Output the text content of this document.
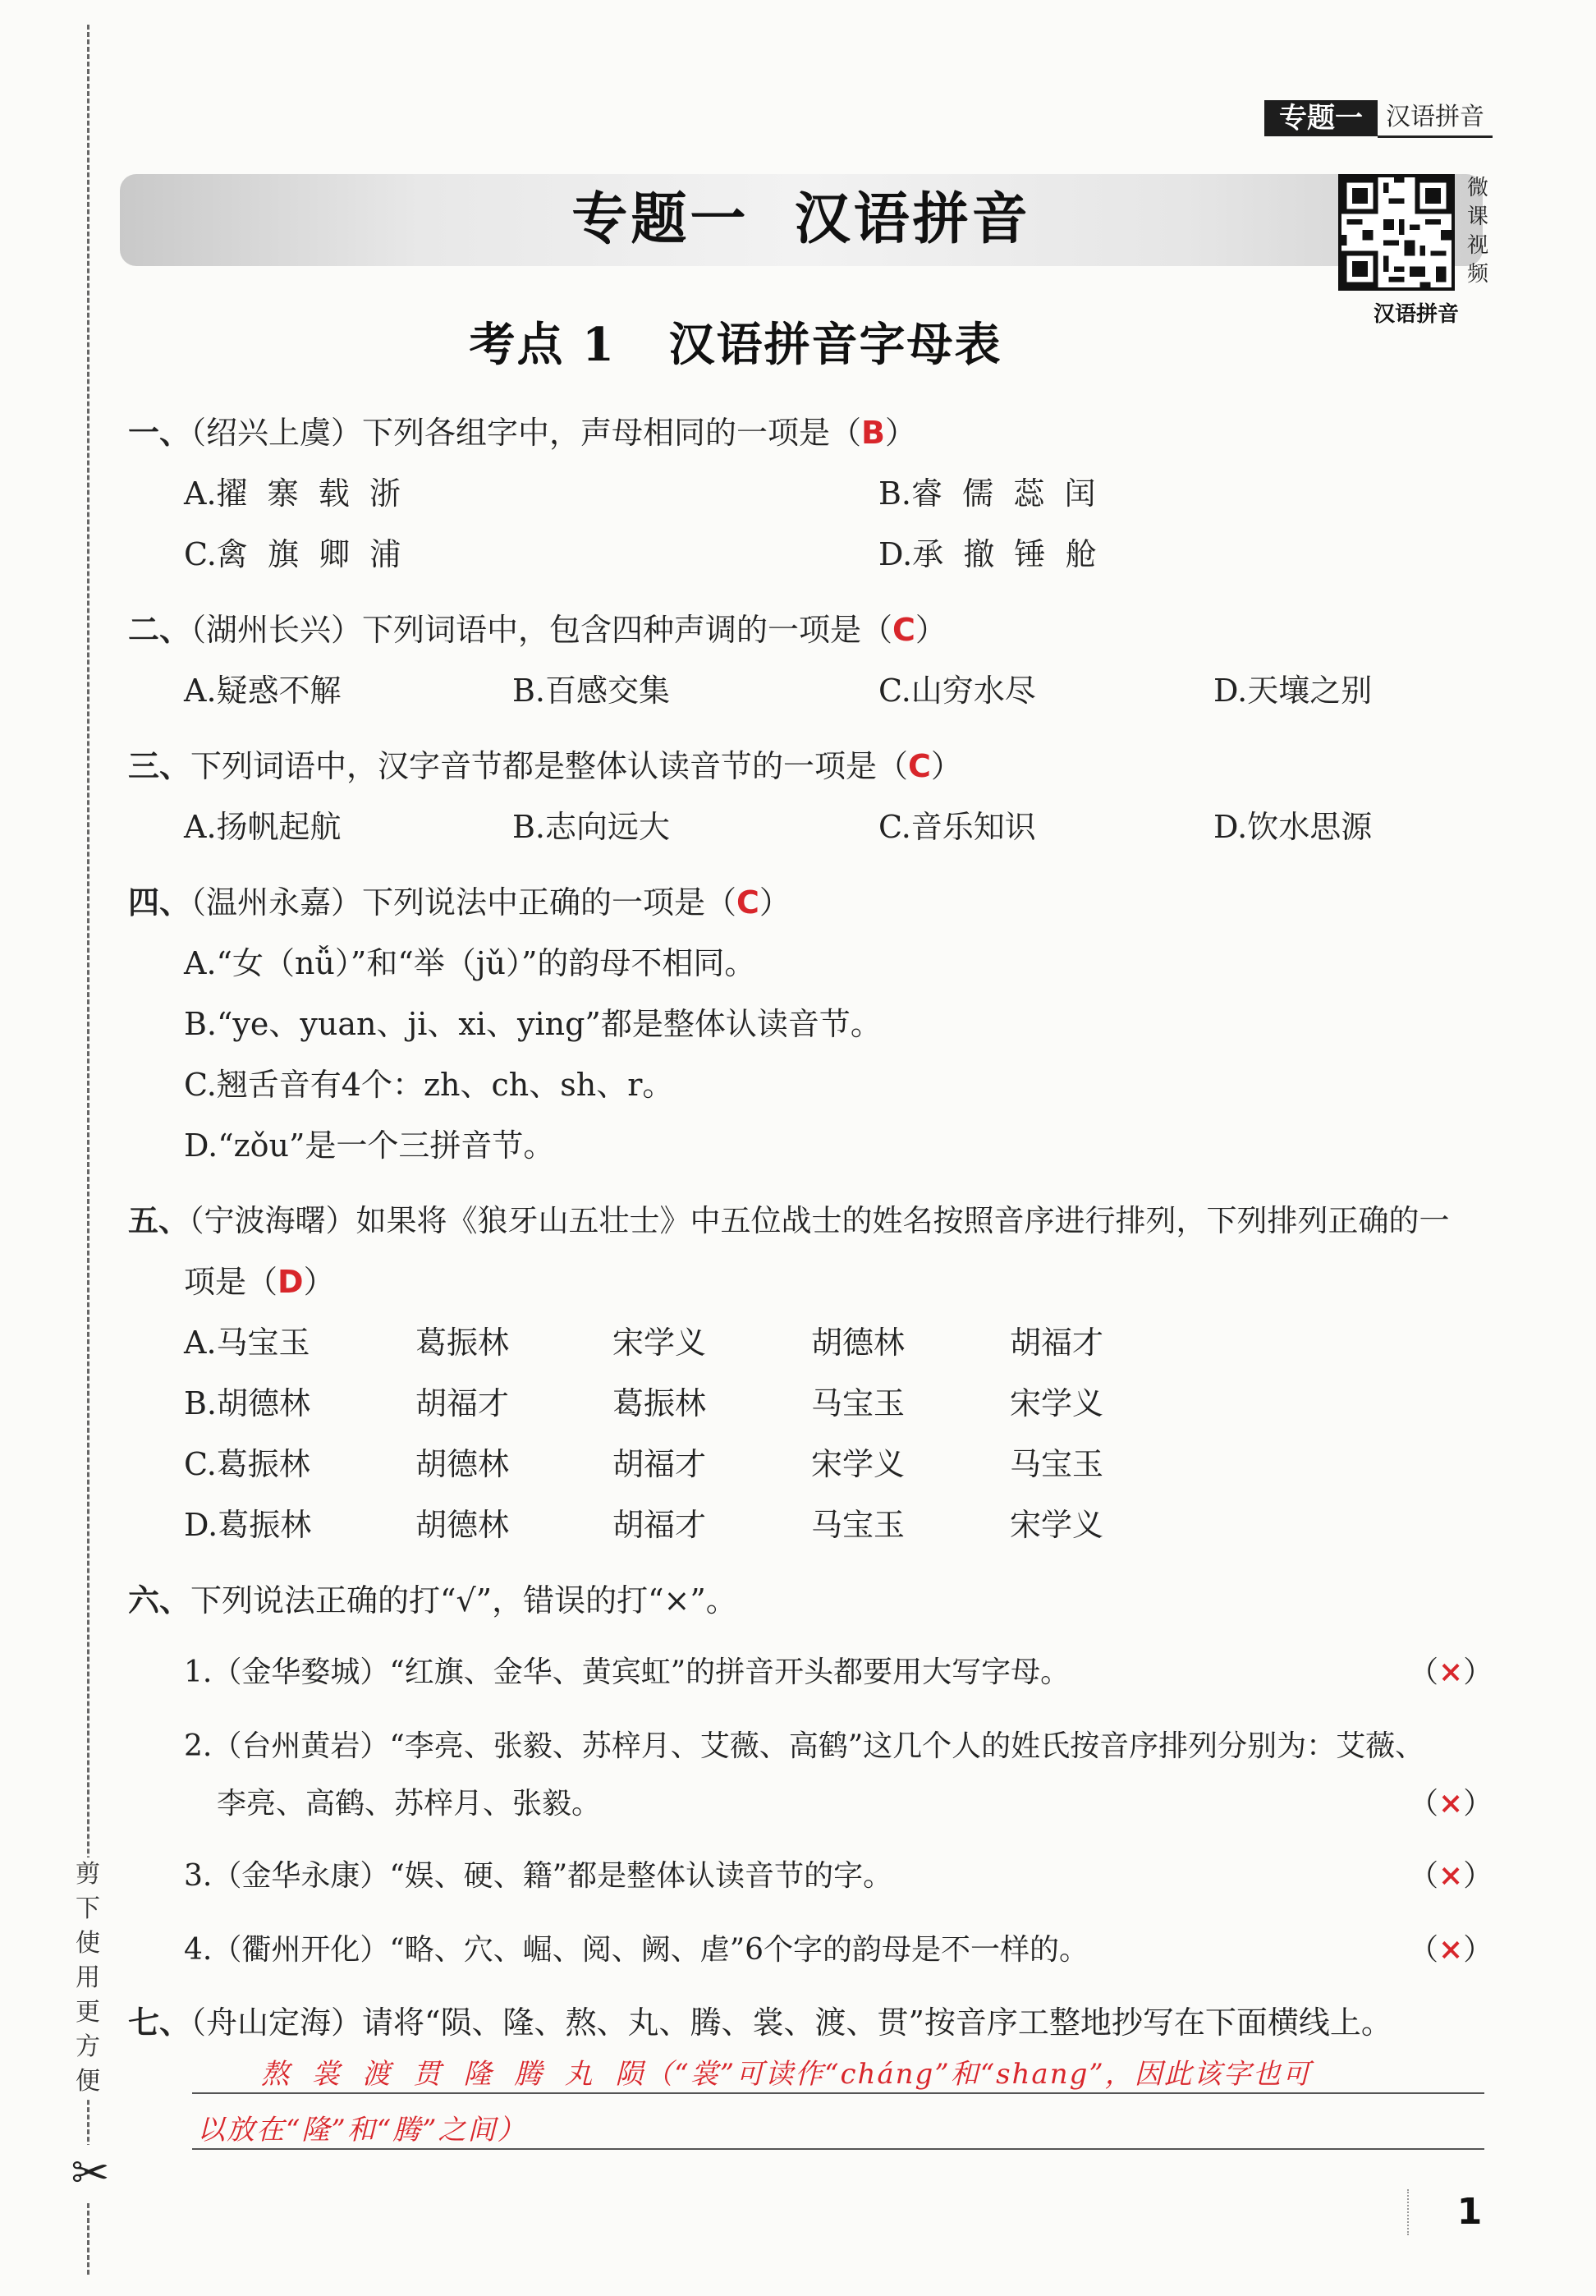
剪
下
使
用
更
方
便
✂
专题一 汉语拼音
专题一  汉语拼音	微
课
视
频
汉语拼音
考点 1   汉语拼音字母表
一、（绍兴上虞）下列各组字中，声母相同的一项是（B）
A.擢  寨  载  浙	B.睿  儒  蕊  闰
C.禽  旗  卿  浦	D.承  撤  锤  舱
二、（湖州长兴）下列词语中，包含四种声调的一项是（C）
A.疑惑不解	B.百感交集	C.山穷水尽	D.天壤之别
三、下列词语中，汉字音节都是整体认读音节的一项是（C）
A.扬帆起航	B.志向远大	C.音乐知识	D.饮水思源
四、（温州永嘉）下列说法中正确的一项是（C）
A.“女（nǚ）”和“举（jǔ）”的韵母不相同。
B.“ye、yuan、ji、xi、ying”都是整体认读音节。
C.翘舌音有4个：zh、ch、sh、r。
D.“zǒu”是一个三拼音节。
五、（宁波海曙）如果将《狼牙山五壮士》中五位战士的姓名按照音序进行排列，下列排列正确的一
项是（D）
A.马宝玉	葛振林	宋学义	胡德林	胡福才
B.胡德林	胡福才	葛振林	马宝玉	宋学义
C.葛振林	胡德林	胡福才	宋学义	马宝玉
D.葛振林	胡德林	胡福才	马宝玉	宋学义
六、下列说法正确的打“√”，错误的打“×”。
1.（金华婺城）“红旗、金华、黄宾虹”的拼音开头都要用大写字母。	（×）
2.（台州黄岩）“李亮、张毅、苏梓月、艾薇、高鹤”这几个人的姓氏按音序排列分别为：艾薇、
李亮、高鹤、苏梓月、张毅。	（×）
3.（金华永康）“娱、硬、籍”都是整体认读音节的字。	（×）
4.（衢州开化）“略、穴、崛、阅、阙、虐”6个字的韵母是不一样的。	（×）
七、（舟山定海）请将“陨、隆、熬、丸、腾、裳、渡、贯”按音序工整地抄写在下面横线上。
熬  裳  渡  贯  隆  腾  丸  陨（“裳”可读作“cháng”和“shang”，因此该字也可
以放在“隆”和“腾”之间）
1
